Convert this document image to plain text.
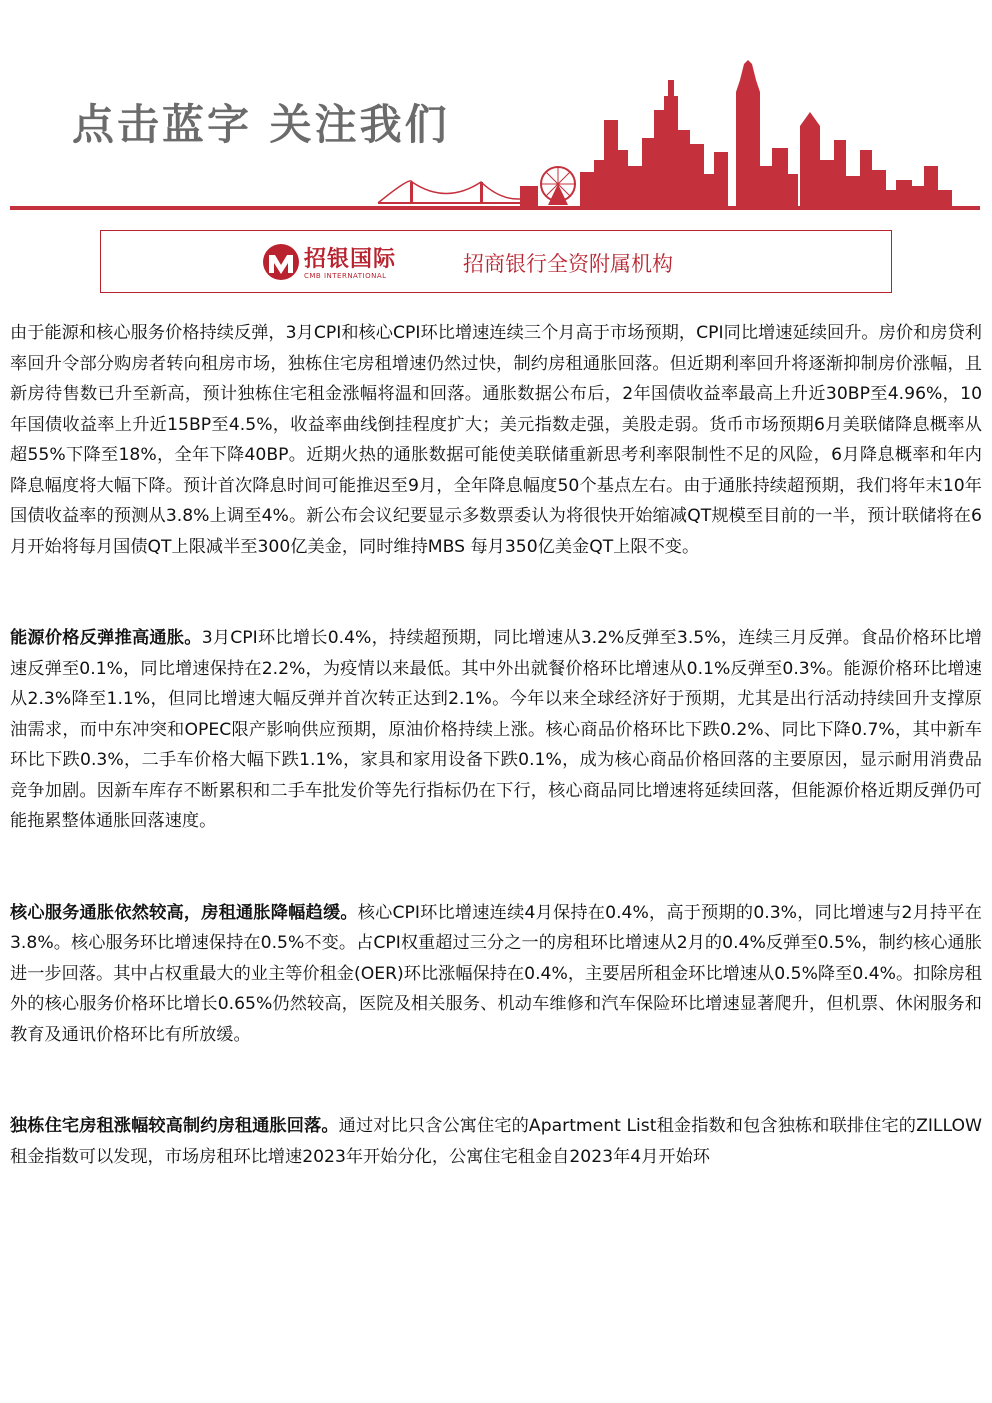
点击蓝字 关注我们
招银国际
CMB INTERNATIONAL	招商银行全资附属机构

由于能源和核心服务价格持续反弹，3月CPI和核心CPI环比增速连续三个月高于市场预期，CPI同比增速延续回升。房价和房贷利率回升令部分购房者转向租房市场，独栋住宅房租增速仍然过快，制约房租通胀回落。但近期利率回升将逐渐抑制房价涨幅，且新房待售数已升至新高，预计独栋住宅租金涨幅将温和回落。通胀数据公布后，2年国债收益率最高上升近30BP至4.96%，10年国债收益率上升近15BP至4.5%，收益率曲线倒挂程度扩大；美元指数走强，美股走弱。货币市场预期6月美联储降息概率从超55%下降至18%，全年下降40BP。近期火热的通胀数据可能使美联储重新思考利率限制性不足的风险，6月降息概率和年内降息幅度将大幅下降。预计首次降息时间可能推迟至9月，全年降息幅度50个基点左右。由于通胀持续超预期，我们将年末10年国债收益率的预测从3.8%上调至4%。新公布会议纪要显示多数票委认为将很快开始缩减QT规模至目前的一半，预计联储将在6月开始将每月国债QT上限减半至300亿美金，同时维持MBS 每月350亿美金QT上限不变。

能源价格反弹推高通胀。3月CPI环比增长0.4%，持续超预期，同比增速从3.2%反弹至3.5%，连续三月反弹。食品价格环比增速反弹至0.1%，同比增速保持在2.2%，为疫情以来最低。其中外出就餐价格环比增速从0.1%反弹至0.3%。能源价格环比增速从2.3%降至1.1%，但同比增速大幅反弹并首次转正达到2.1%。今年以来全球经济好于预期，尤其是出行活动持续回升支撑原油需求，而中东冲突和OPEC限产影响供应预期，原油价格持续上涨。核心商品价格环比下跌0.2%、同比下降0.7%，其中新车环比下跌0.3%，二手车价格大幅下跌1.1%，家具和家用设备下跌0.1%，成为核心商品价格回落的主要原因，显示耐用消费品竞争加剧。因新车库存不断累积和二手车批发价等先行指标仍在下行，核心商品同比增速将延续回落，但能源价格近期反弹仍可能拖累整体通胀回落速度。

核心服务通胀依然较高，房租通胀降幅趋缓。核心CPI环比增速连续4月保持在0.4%，高于预期的0.3%，同比增速与2月持平在3.8%。核心服务环比增速保持在0.5%不变。占CPI权重超过三分之一的房租环比增速从2月的0.4%反弹至0.5%，制约核心通胀进一步回落。其中占权重最大的业主等价租金(OER)环比涨幅保持在0.4%，主要居所租金环比增速从0.5%降至0.4%。扣除房租外的核心服务价格环比增长0.65%仍然较高，医院及相关服务、机动车维修和汽车保险环比增速显著爬升，但机票、休闲服务和教育及通讯价格环比有所放缓。

独栋住宅房租涨幅较高制约房租通胀回落。通过对比只含公寓住宅的Apartment List租金指数和包含独栋和联排住宅的ZILLOW租金指数可以发现，市场房租环比增速2023年开始分化，公寓住宅租金自2023年4月开始环
